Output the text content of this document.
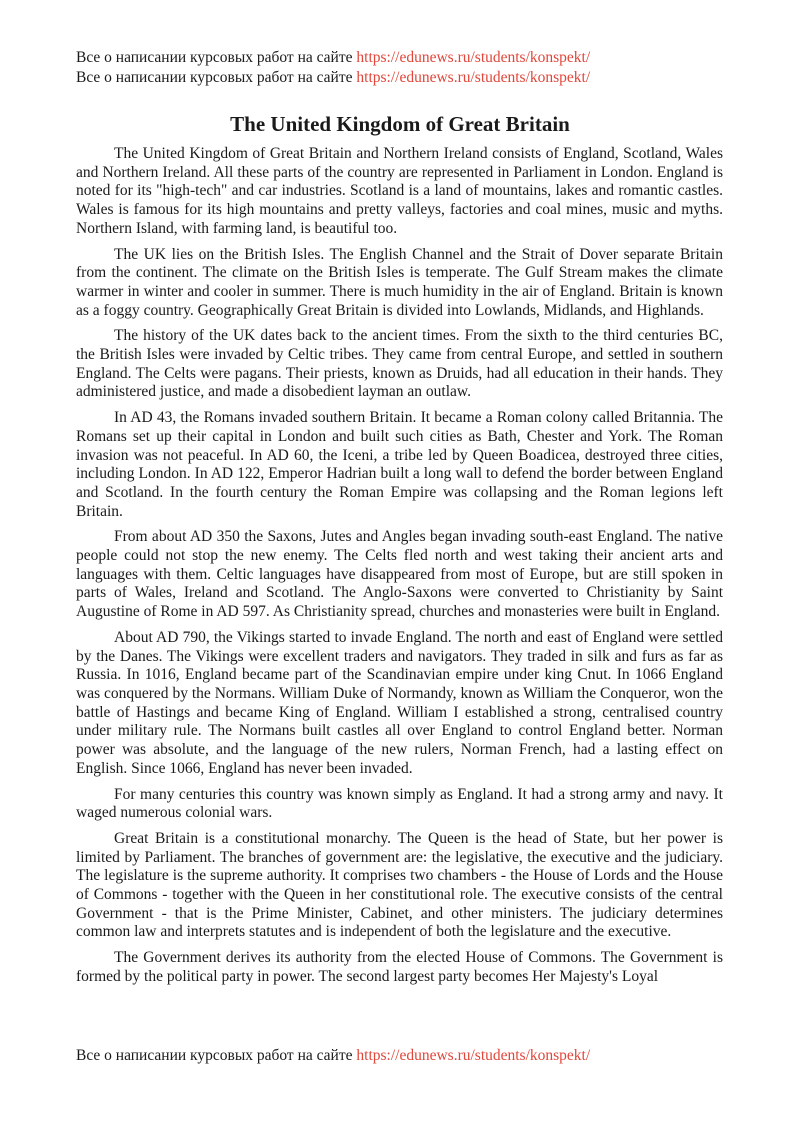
Все о написании курсовых работ на сайте https://edunews.ru/students/konspekt/
Все о написании курсовых работ на сайте https://edunews.ru/students/konspekt/
The United Kingdom of Great Britain

The United Kingdom of Great Britain and Northern Ireland consists of England, Scotland, Wales and Northern Ireland. All these parts of the country are represented in Parliament in London. England is noted for its "high-tech" and car industries. Scotland is a land of mountains, lakes and romantic castles. Wales is famous for its high mountains and pretty valleys, factories and coal mines, music and myths. Northern Island, with farming land, is beautiful too.

The UK lies on the British Isles. The English Channel and the Strait of Dover separate Britain from the continent. The climate on the British Isles is temperate. The Gulf Stream makes the climate warmer in winter and cooler in summer. There is much humidity in the air of England. Britain is known as a foggy country. Geographically Great Britain is divided into Lowlands, Midlands, and Highlands.

The history of the UK dates back to the ancient times. From the sixth to the third centuries BC, the British Isles were invaded by Celtic tribes. They came from central Europe, and settled in southern England. The Celts were pagans. Their priests, known as Druids, had all education in their hands. They administered justice, and made a disobedient layman an outlaw.

In AD 43, the Romans invaded southern Britain. It became a Roman colony called Britannia. The Romans set up their capital in London and built such cities as Bath, Chester and York. The Roman invasion was not peaceful. In AD 60, the Iceni, a tribe led by Queen Boadicea, destroyed three cities, including London. In AD 122, Emperor Hadrian built a long wall to defend the border between England and Scotland. In the fourth century the Roman Empire was collapsing and the Roman legions left Britain.

From about AD 350 the Saxons, Jutes and Angles began invading south-east England. The native people could not stop the new enemy. The Celts fled north and west taking their ancient arts and languages with them. Celtic languages have disappeared from most of Europe, but are still spoken in parts of Wales, Ireland and Scotland. The Anglo-Saxons were converted to Christianity by Saint Augustine of Rome in AD 597. As Christianity spread, churches and monasteries were built in England.

About AD 790, the Vikings started to invade England. The north and east of England were settled by the Danes. The Vikings were excellent traders and navigators. They traded in silk and furs as far as Russia. In 1016, England became part of the Scandinavian empire under king Cnut. In 1066 England was conquered by the Normans. William Duke of Normandy, known as William the Conqueror, won the battle of Hastings and became King of England. William I established a strong, centralised country under military rule. The Normans built castles all over England to control England better. Norman power was absolute, and the language of the new rulers, Norman French, had a lasting effect on English. Since 1066, England has never been invaded.

For many centuries this country was known simply as England. It had a strong army and navy. It waged numerous colonial wars.

Great Britain is a constitutional monarchy. The Queen is the head of State, but her power is limited by Parliament. The branches of government are: the legislative, the executive and the judiciary. The legislature is the supreme authority. It comprises two chambers - the House of Lords and the House of Commons - together with the Queen in her constitutional role. The executive consists of the central Government - that is the Prime Minister, Cabinet, and other ministers. The judiciary determines common law and interprets statutes and is independent of both the legislature and the executive.

The Government derives its authority from the elected House of Commons. The Government is formed by the political party in power. The second largest party becomes Her Majesty's Loyal

Все о написании курсовых работ на сайте https://edunews.ru/students/konspekt/
